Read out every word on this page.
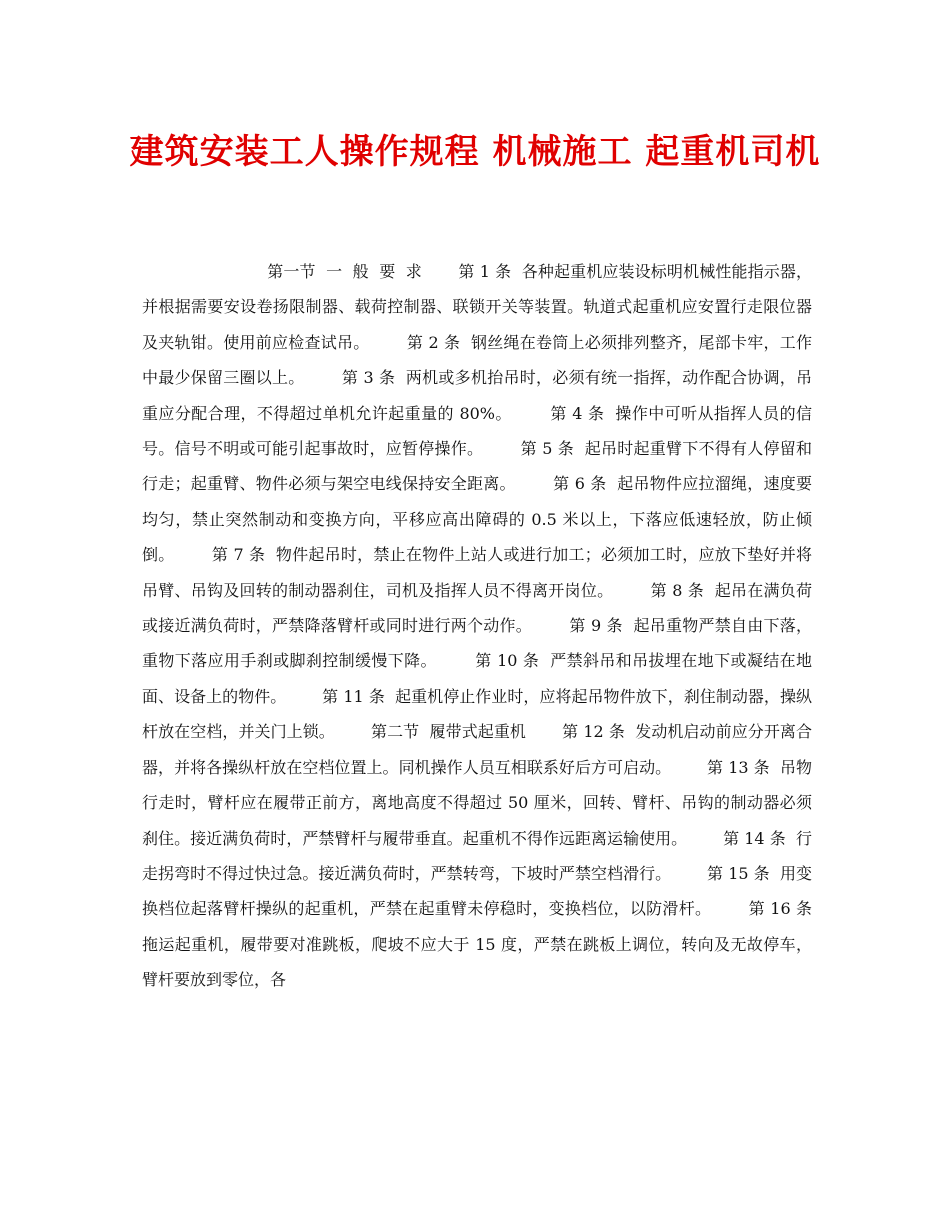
建筑安装工人操作规程 机械施工 起重机司机

第一节  一  般  要  求       第 1 条  各种起重机应装设标明机械性能指示器，并根据需要安设卷扬限制器、载荷控制器、联锁开关等装置。轨道式起重机应安置行走限位器及夹轨钳。使用前应检查试吊。       第 2 条  钢丝绳在卷筒上必须排列整齐，尾部卡牢，工作中最少保留三圈以上。       第 3 条  两机或多机抬吊时，必须有统一指挥，动作配合协调，吊重应分配合理，不得超过单机允许起重量的 80%。       第 4 条  操作中可听从指挥人员的信号。信号不明或可能引起事故时，应暂停操作。       第 5 条  起吊时起重臂下不得有人停留和行走；起重臂、物件必须与架空电线保持安全距离。       第 6 条  起吊物件应拉溜绳，速度要均匀，禁止突然制动和变换方向，平移应高出障碍的 0.5 米以上，下落应低速轻放，防止倾倒。       第 7 条  物件起吊时，禁止在物件上站人或进行加工；必须加工时，应放下垫好并将吊臂、吊钩及回转的制动器刹住，司机及指挥人员不得离开岗位。       第 8 条  起吊在满负荷或接近满负荷时，严禁降落臂杆或同时进行两个动作。       第 9 条  起吊重物严禁自由下落，重物下落应用手刹或脚刹控制缓慢下降。       第 10 条  严禁斜吊和吊拔埋在地下或凝结在地面、设备上的物件。       第 11 条  起重机停止作业时，应将起吊物件放下，刹住制动器，操纵杆放在空档，并关门上锁。       第二节  履带式起重机       第 12 条  发动机启动前应分开离合器，并将各操纵杆放在空档位置上。同机操作人员互相联系好后方可启动。       第 13 条  吊物行走时，臂杆应在履带正前方，离地高度不得超过 50 厘米，回转、臂杆、吊钩的制动器必须刹住。接近满负荷时，严禁臂杆与履带垂直。起重机不得作远距离运输使用。       第 14 条  行走拐弯时不得过快过急。接近满负荷时，严禁转弯，下坡时严禁空档滑行。       第 15 条  用变换档位起落臂杆操纵的起重机，严禁在起重臂未停稳时，变换档位，以防滑杆。       第 16 条  拖运起重机，履带要对准跳板，爬坡不应大于 15 度，严禁在跳板上调位，转向及无故停车，臂杆要放到零位，各
